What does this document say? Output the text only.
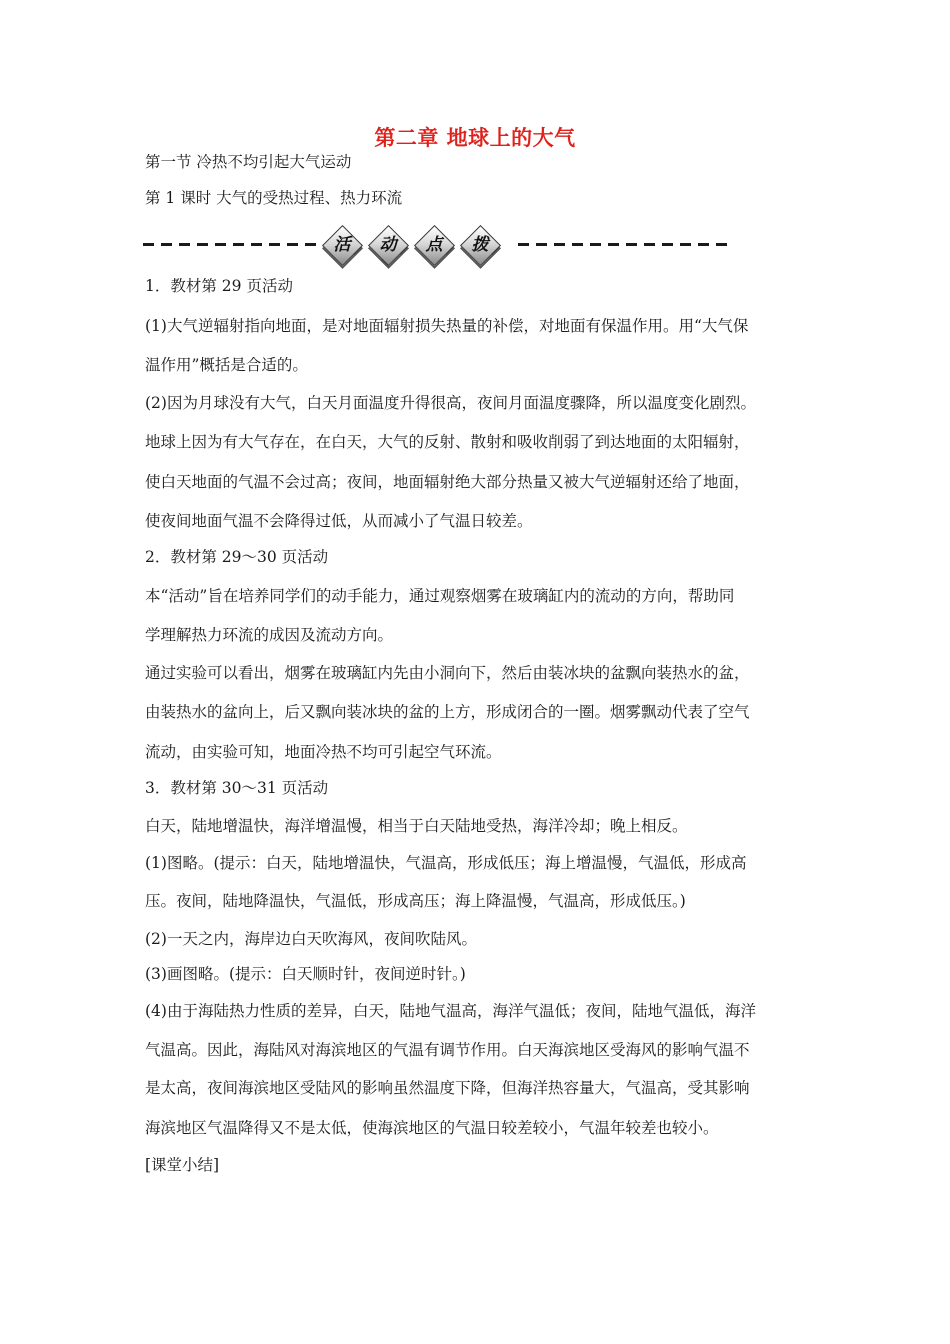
第二章 地球上的大气
第一节 冷热不均引起大气运动
第 1 课时 大气的受热过程、热力环流
活	动	点	拨
1．教材第 29 页活动
(1)大气逆辐射指向地面，是对地面辐射损失热量的补偿，对地面有保温作用。用“大气保
温作用”概括是合适的。
(2)因为月球没有大气，白天月面温度升得很高，夜间月面温度骤降，所以温度变化剧烈。
地球上因为有大气存在，在白天，大气的反射、散射和吸收削弱了到达地面的太阳辐射，
使白天地面的气温不会过高；夜间，地面辐射绝大部分热量又被大气逆辐射还给了地面，
使夜间地面气温不会降得过低，从而减小了气温日较差。
2．教材第 29～30 页活动
本“活动”旨在培养同学们的动手能力，通过观察烟雾在玻璃缸内的流动的方向，帮助同
学理解热力环流的成因及流动方向。
通过实验可以看出，烟雾在玻璃缸内先由小洞向下，然后由装冰块的盆飘向装热水的盆，
由装热水的盆向上，后又飘向装冰块的盆的上方，形成闭合的一圈。烟雾飘动代表了空气
流动，由实验可知，地面冷热不均可引起空气环流。
3．教材第 30～31 页活动
白天，陆地增温快，海洋增温慢，相当于白天陆地受热，海洋冷却；晚上相反。
(1)图略。(提示：白天，陆地增温快，气温高，形成低压；海上增温慢，气温低，形成高
压。夜间，陆地降温快，气温低，形成高压；海上降温慢，气温高，形成低压。)
(2)一天之内，海岸边白天吹海风，夜间吹陆风。
(3)画图略。(提示：白天顺时针，夜间逆时针。)
(4)由于海陆热力性质的差异，白天，陆地气温高，海洋气温低；夜间，陆地气温低，海洋
气温高。因此，海陆风对海滨地区的气温有调节作用。白天海滨地区受海风的影响气温不
是太高，夜间海滨地区受陆风的影响虽然温度下降，但海洋热容量大，气温高，受其影响
海滨地区气温降得又不是太低，使海滨地区的气温日较差较小，气温年较差也较小。
[课堂小结]
